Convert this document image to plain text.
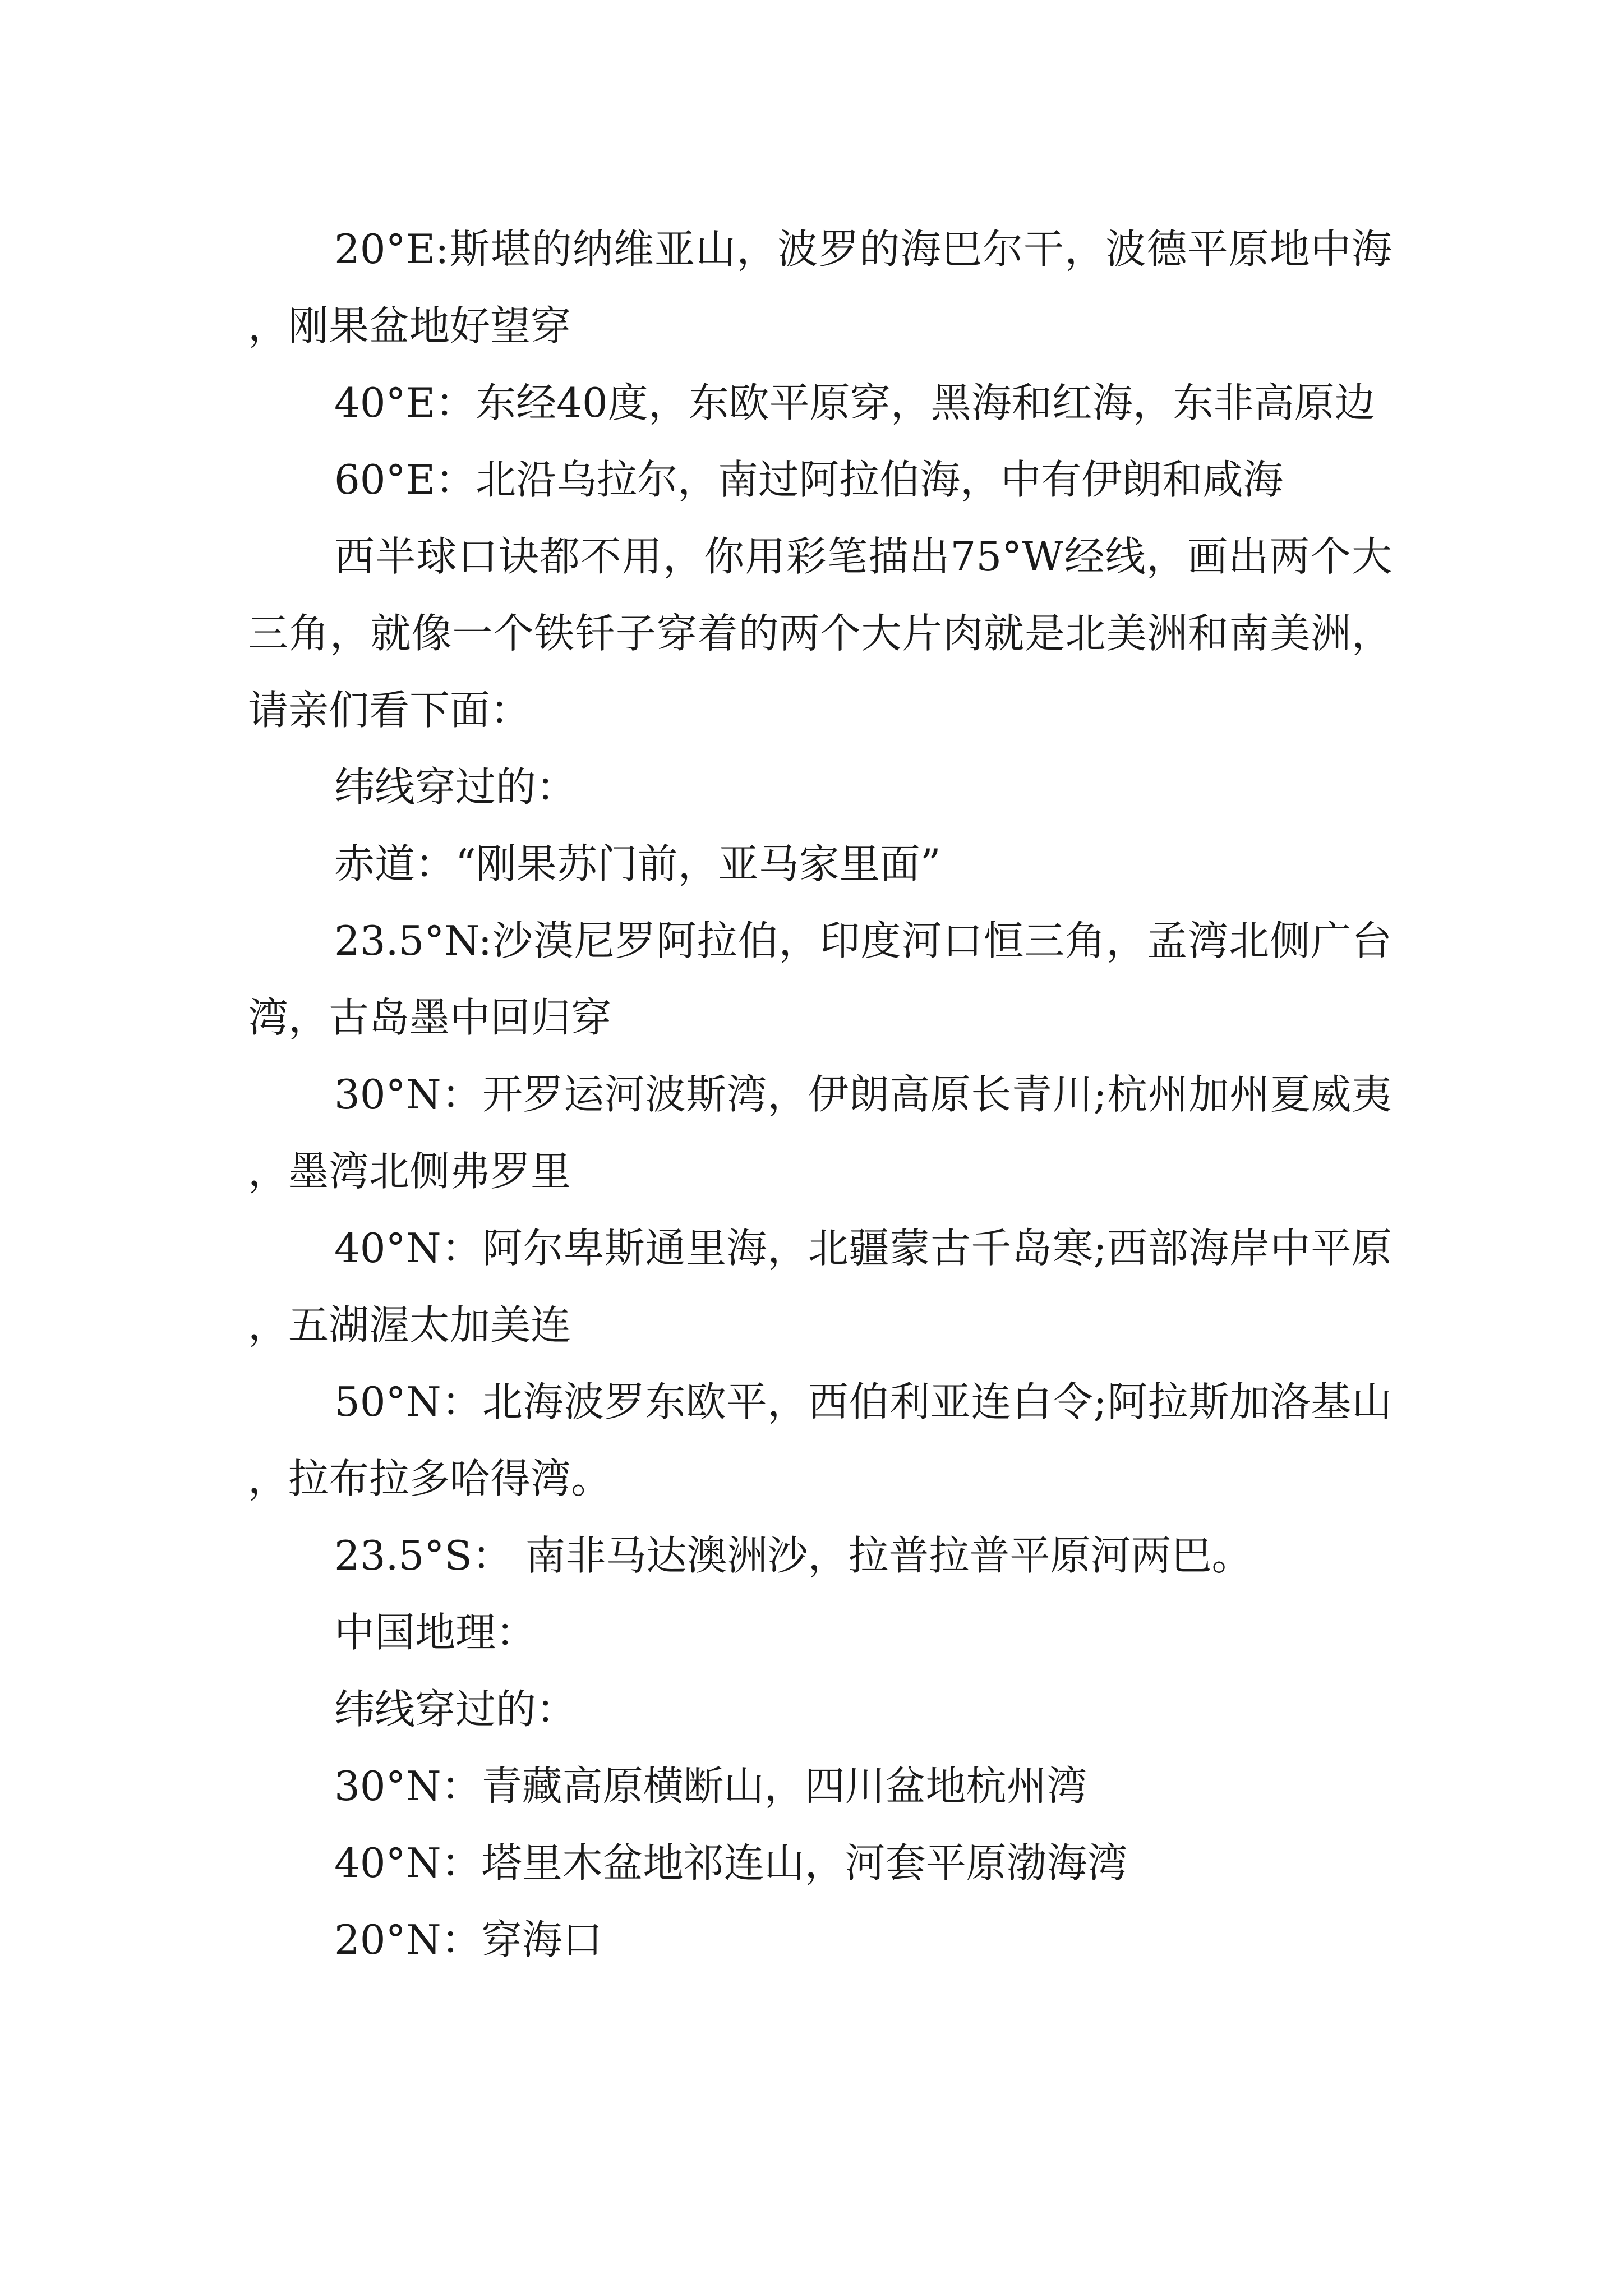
20°E:斯堪的纳维亚山，波罗的海巴尔干，波德平原地中海，刚果盆地好望穿

40°E：东经40度，东欧平原穿，黑海和红海，东非高原边

60°E：北沿乌拉尔，南过阿拉伯海，中有伊朗和咸海

西半球口诀都不用，你用彩笔描出75°W经线，画出两个大三角，就像一个铁钎子穿着的两个大片肉就是北美洲和南美洲，请亲们看下面：

纬线穿过的：

赤道：“刚果苏门前，亚马家里面”

23.5°N:沙漠尼罗阿拉伯，印度河口恒三角，孟湾北侧广台湾，古岛墨中回归穿

30°N：开罗运河波斯湾，伊朗高原长青川;杭州加州夏威夷，墨湾北侧弗罗里

40°N：阿尔卑斯通里海，北疆蒙古千岛寒;西部海岸中平原，五湖渥太加美连

50°N：北海波罗东欧平，西伯利亚连白令;阿拉斯加洛基山，拉布拉多哈得湾。

23.5°S： 南非马达澳洲沙，拉普拉普平原河两巴。

中国地理：

纬线穿过的：

30°N：青藏高原横断山，四川盆地杭州湾

40°N：塔里木盆地祁连山，河套平原渤海湾

20°N：穿海口
